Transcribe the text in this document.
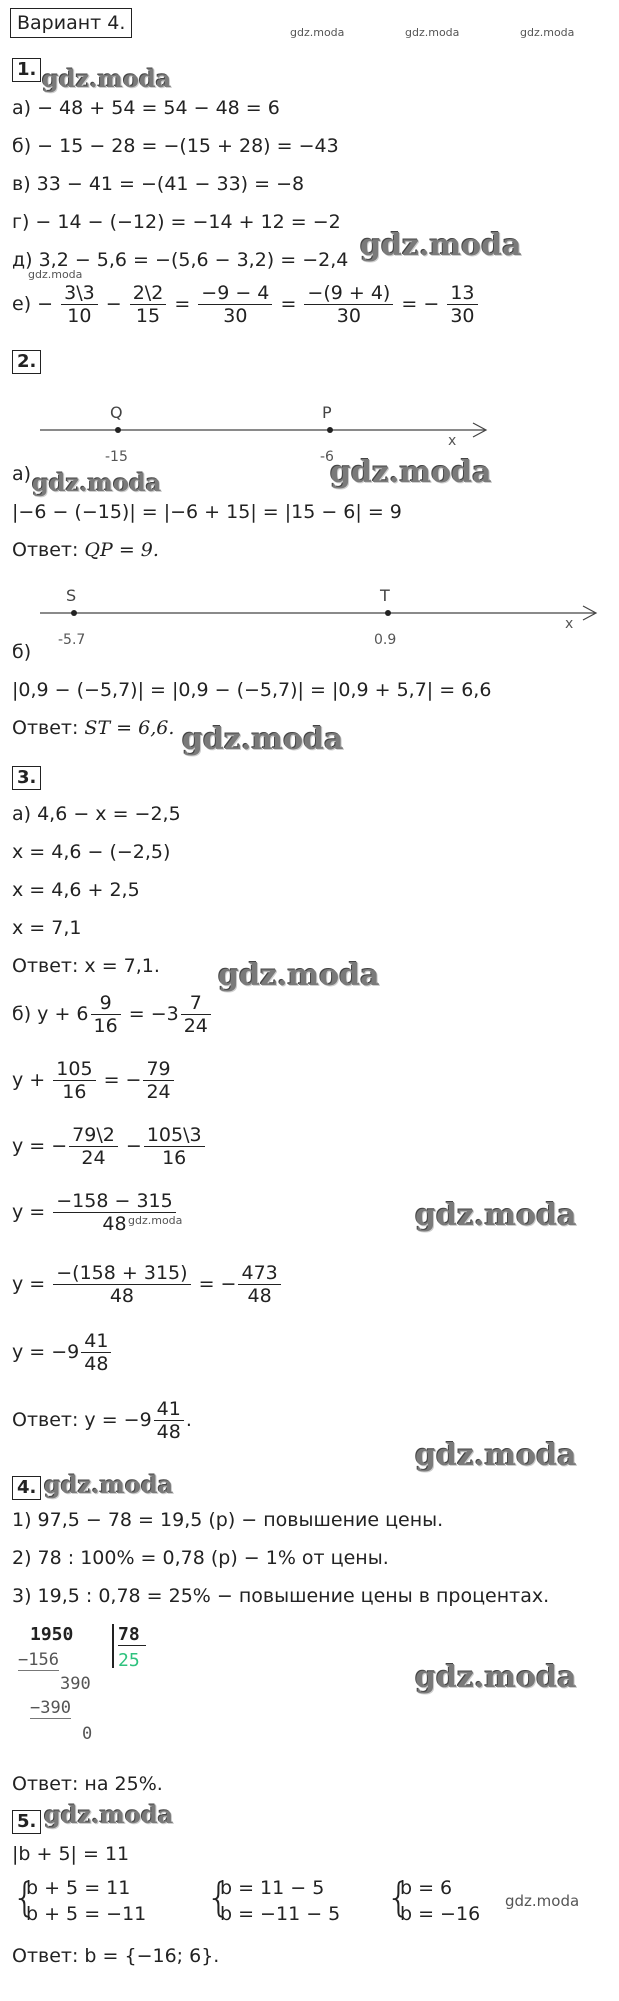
Вариант 4.	gdz.moda	gdz.moda	gdz.moda
1. gdz.moda
а) − 48 + 54 = 54 − 48 = 6
б) − 15 − 28 = −(15 + 28) = −43
в) 33 − 41 = −(41 − 33) = −8
г) − 14 − (−12) = −14 + 12 = −2
д) 3,2 − 5,6 = −(5,6 − 3,2) = −2,4 gdz.moda
gdz.moda
$е) - \frac{3\backslash 3}{10} - \frac{2\backslash 2}{15} = \frac{-9 - 4}{30} = \frac{-(9 + 4)}{30}$ = − $\frac{13}{30}$
2.
Q	P
x
-15	-6
а) gdz.moda	gdz.moda
|−6 − (−15)| = |−6 + 15| = |15 − 6| = 9
Ответ: QP = 9.
S	T
x
-5.7	0.9
б)
|0,9 − (−5,7)| = |0,9 − (−5,7)| = |0,9 + 5,7| = 6,6
Ответ: ST = 6,6. gdz.moda
3.
а) 4,6 − x = −2,5
x = 4,6 − (−2,5)
x = 4,6 + 2,5
x = 7,1
Ответ: x = 7,1. gdz.moda
б) $y + 6 \frac{9}{16} = -3 \frac{7}{24}$
$y + \frac{105}{16}$ = − $\frac{79}{24}$
y = − $\frac{79\backslash 2}{24} - \frac{105\backslash 3}{16}$
$y = \frac{-158 - 315}{48}$
gdz.moda	gdz.moda
$y = \frac{-(158 + 315)}{48}$ = − $\frac{473}{48}$
$y = -9 \frac{41}{48}$
Ответ: $y = -9 \frac{41}{48}$ .
gdz.moda
4. gdz.moda
1) 97,5 − 78 = 19,5 (р) − повышение цены.
2) 78 : 100% = 0,78 (р) − 1% от цены.
3) 19,5 : 0,78 = 25% − повышение цены в процентах.
1950 78
25
−156
390
−390
0
gdz.moda
Ответ: на 25%.
5. gdz.moda
|b + 5| = 11
{
b + 5 = 11
b + 5 = −11 {
b = 11 − 5
b = −11 − 5 {
b = 6
b = −16
gdz.moda
Ответ: b = {−16; 6}.
